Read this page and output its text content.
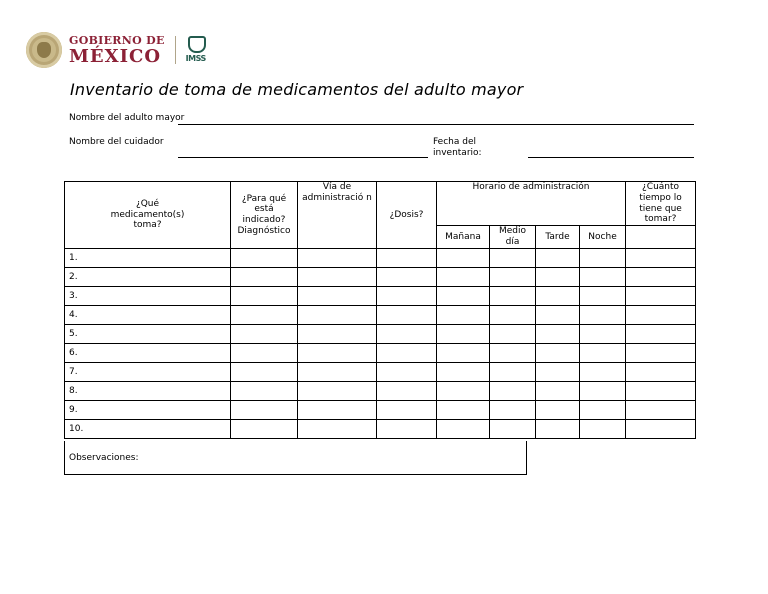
GOBIERNO DE
MÉXICO	IMSS
Inventario de toma de medicamentos del adulto mayor
Nombre del adulto mayor
Nombre del cuidador	Fecha del
inventario:
¿Qué medicamento(s) toma?	¿Para qué está indicado? Diagnóstico	Vía de administració n	¿Dosis?	Horario de administración				¿Cuánto tiempo lo tiene que tomar?
				Mañana	Medio día	Tarde	Noche	
1.								
2.								
3.								
4.								
5.								
6.								
7.								
8.								
9.								
10.								
Observaciones:
